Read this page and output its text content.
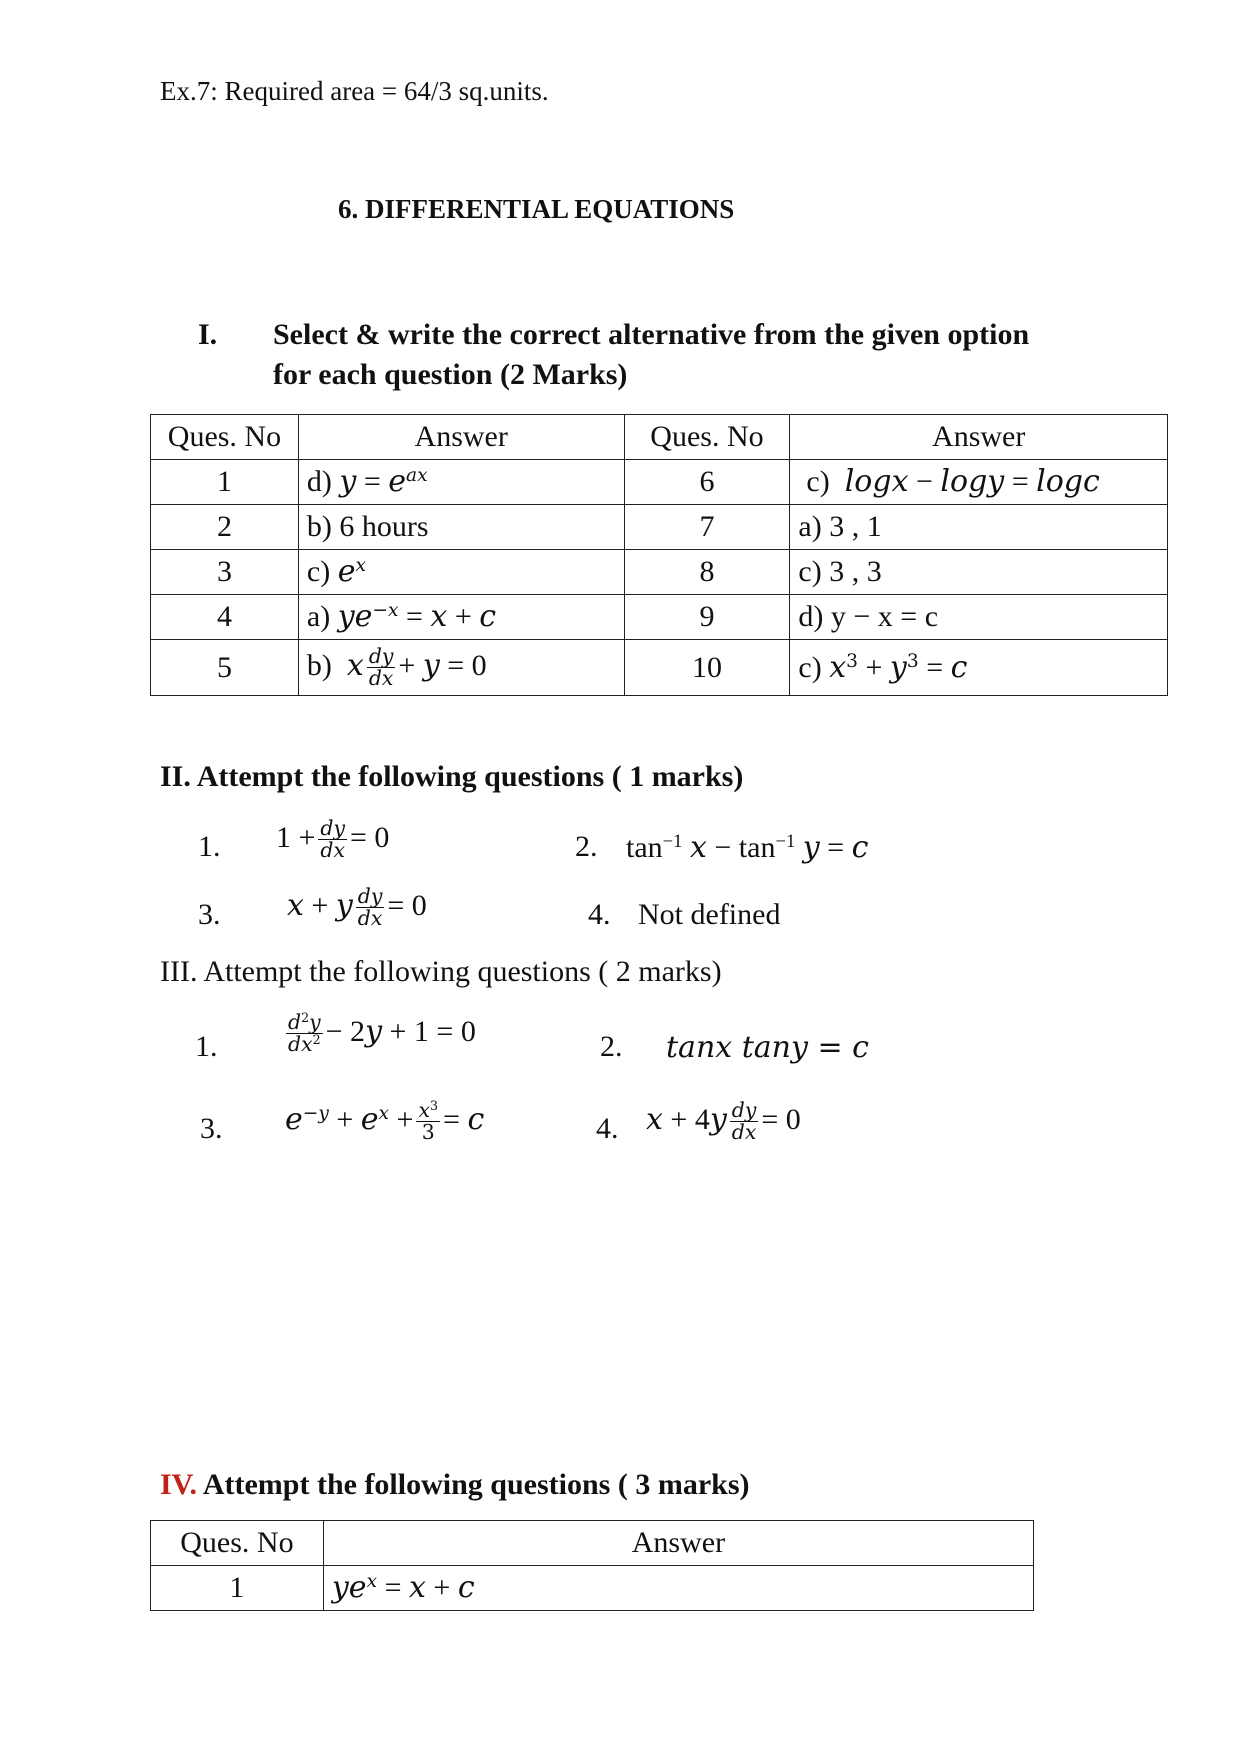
Ex.7: Required area = 64/3 sq.units.
6. DIFFERENTIAL EQUATIONS
I. Select & write the correct alternative from the given option
for each question (2 Marks)
Ques. No	Answer	Ques. No	Answer
1	d) $y = e^{ax}$	6	c)  logx − logy = logc
2	b) 6 hours	7	a) 3 , 1
3	c) $e^x$	8	c) 3 , 3
4	a) $ye^{-x} = x + c$	9	d) y − x = c
5	b)  x $\frac{dy}{dx} + y = 0$	10	c) $x^3 + y^3 = c$
II. Attempt the following questions ( 1 marks)
1. $1 + \frac{dy}{dx} = 0$	2. $\tan^{-1} x - \tan^{-1} y = c$
3. x + y $\frac{dy}{dx} = 0$	4. Not defined
III. Attempt the following questions ( 2 marks)
1.	$\frac{d^2y}{dx^2} - 2y + 1 = 0$	2. tanx tany = c
3. $e^{-y} + e^x + \frac{x^3}{3} = c$	4. $x + 4y \frac{dy}{dx} = 0$
IV. Attempt the following questions ( 3 marks)
Ques. No	Answer
1	$ye^x = x + c$
